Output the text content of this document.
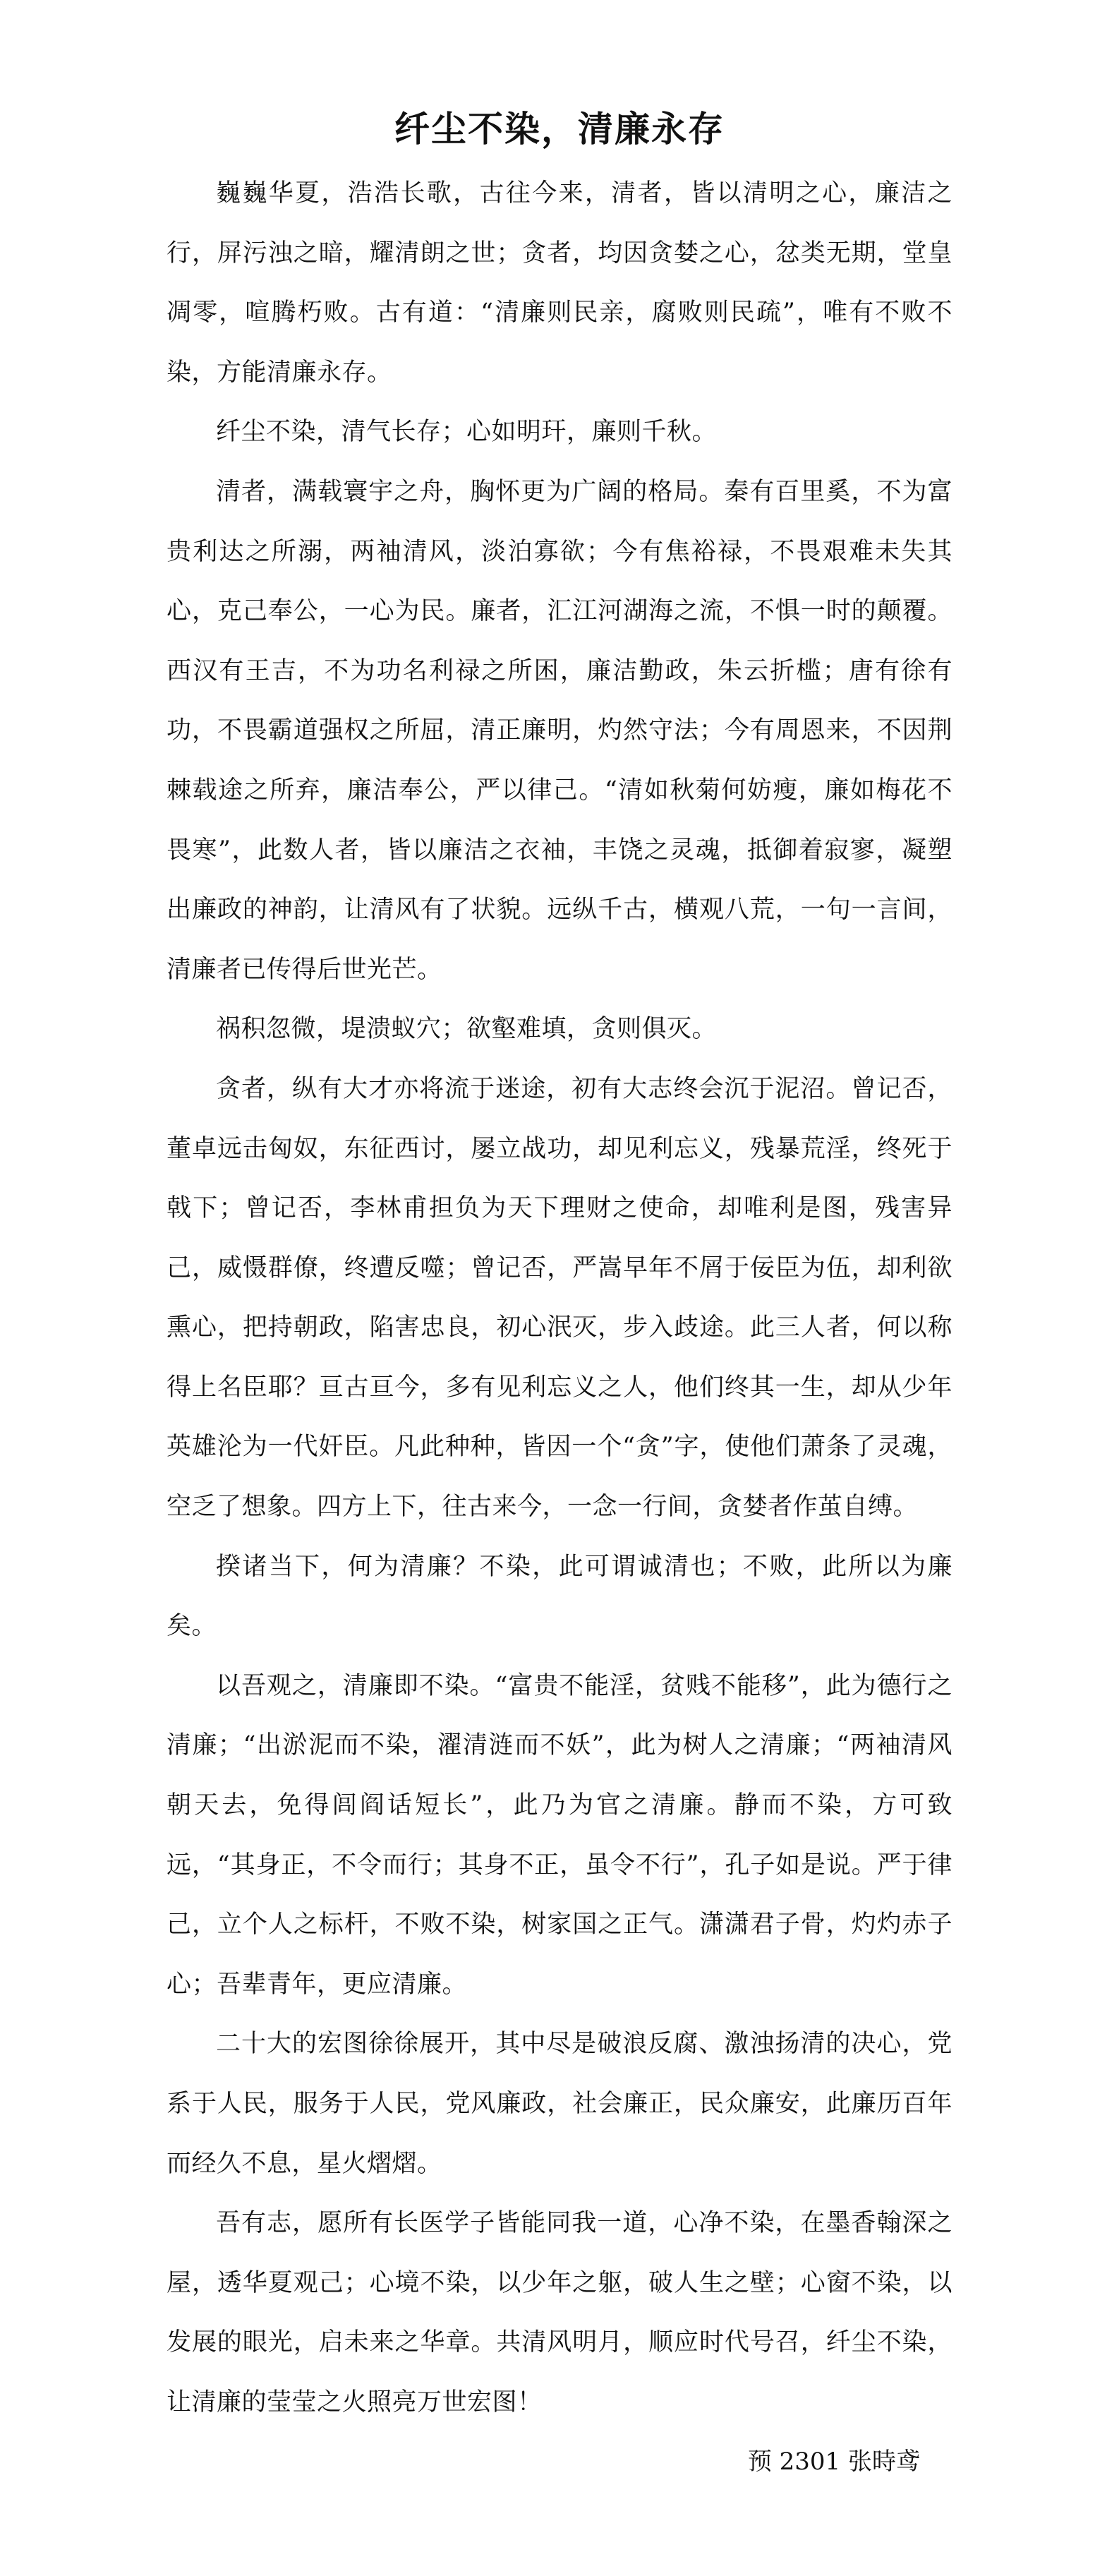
纤尘不染，清廉永存

巍巍华夏，浩浩长歌，古往今来，清者，皆以清明之心，廉洁之行，屏污浊之暗，耀清朗之世；贪者，均因贪婪之心，忿类无期，堂皇凋零，喧腾朽败。古有道：“清廉则民亲，腐败则民疏”，唯有不败不染，方能清廉永存。

纤尘不染，清气长存；心如明玕，廉则千秋。

清者，满载寰宇之舟，胸怀更为广阔的格局。秦有百里奚，不为富贵利达之所溺，两袖清风，淡泊寡欲；今有焦裕禄，不畏艰难未失其心，克己奉公，一心为民。廉者，汇江河湖海之流，不惧一时的颠覆。西汉有王吉，不为功名利禄之所困，廉洁勤政，朱云折槛；唐有徐有功，不畏霸道强权之所屈，清正廉明，灼然守法；今有周恩来，不因荆棘载途之所弃，廉洁奉公，严以律己。“清如秋菊何妨瘦，廉如梅花不畏寒”，此数人者，皆以廉洁之衣袖，丰饶之灵魂，抵御着寂寥，凝塑出廉政的神韵，让清风有了状貌。远纵千古，横观八荒，一句一言间，清廉者已传得后世光芒。

祸积忽微，堤溃蚁穴；欲壑难填，贪则俱灭。

贪者，纵有大才亦将流于迷途，初有大志终会沉于泥沼。曾记否，董卓远击匈奴，东征西讨，屡立战功，却见利忘义，残暴荒淫，终死于戟下；曾记否，李林甫担负为天下理财之使命，却唯利是图，残害异己，威慑群僚，终遭反噬；曾记否，严嵩早年不屑于佞臣为伍，却利欲熏心，把持朝政，陷害忠良，初心泯灭，步入歧途。此三人者，何以称得上名臣耶？亘古亘今，多有见利忘义之人，他们终其一生，却从少年英雄沦为一代奸臣。凡此种种，皆因一个“贪”字，使他们萧条了灵魂，空乏了想象。四方上下，往古来今，一念一行间，贪婪者作茧自缚。

揆诸当下，何为清廉？不染，此可谓诚清也；不败，此所以为廉矣。

以吾观之，清廉即不染。“富贵不能淫，贫贱不能移”，此为德行之清廉；“出淤泥而不染，濯清涟而不妖”，此为树人之清廉；“两袖清风朝天去，免得闾阎话短长”，此乃为官之清廉。静而不染，方可致远，“其身正，不令而行；其身不正，虽令不行”，孔子如是说。严于律己，立个人之标杆，不败不染，树家国之正气。潇潇君子骨，灼灼赤子心；吾辈青年，更应清廉。

二十大的宏图徐徐展开，其中尽是破浪反腐、激浊扬清的决心，党系于人民，服务于人民，党风廉政，社会廉正，民众廉安，此廉历百年而经久不息，星火熠熠。

吾有志，愿所有长医学子皆能同我一道，心净不染，在墨香翰深之屋，透华夏观己；心境不染，以少年之躯，破人生之壁；心窗不染，以发展的眼光，启未来之华章。共清风明月，顺应时代号召，纤尘不染，让清廉的莹莹之火照亮万世宏图！

预 2301 张時鸢
